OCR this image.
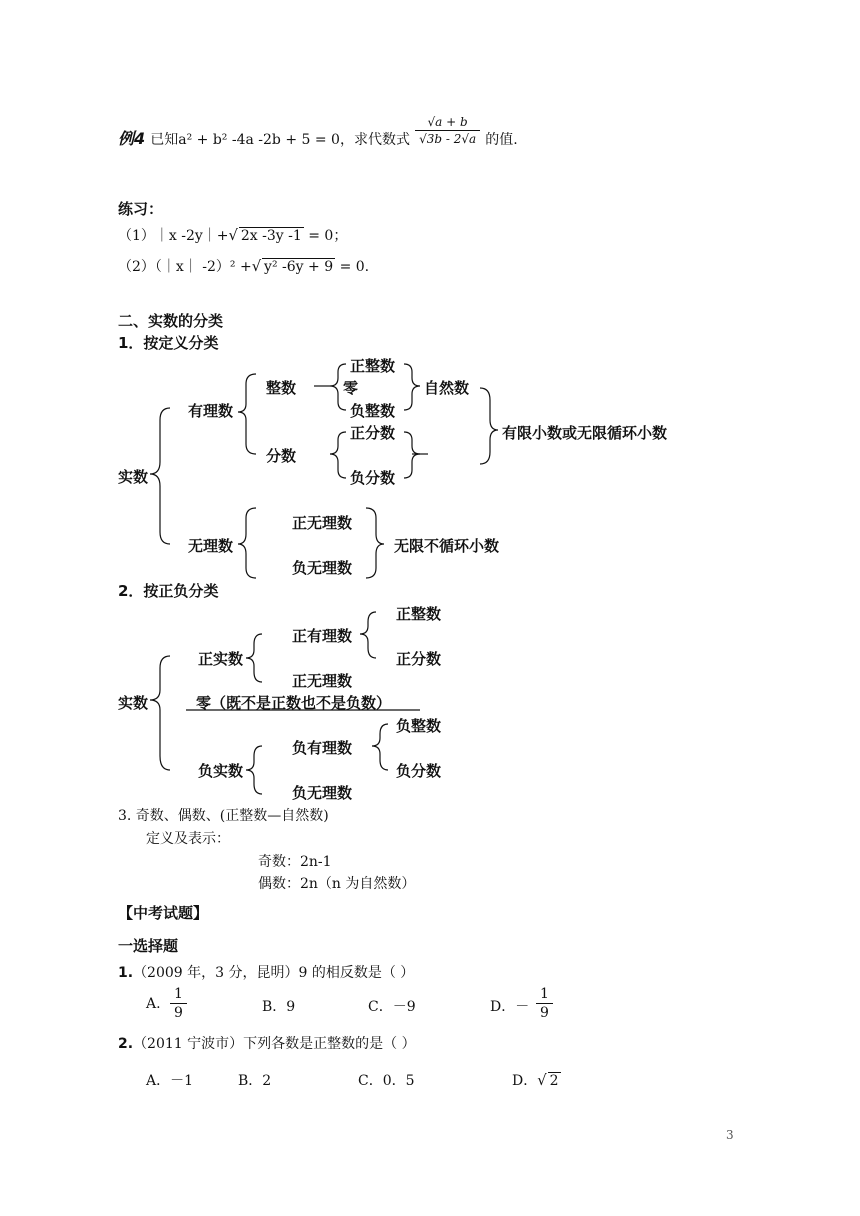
例4 已知a² + b² -4a -2b + 5 = 0，求代数式 $\frac{√a + b}{√3b - 2√a}$ 的值.
练习：
（1）｜x -2y｜+√ 2x -3y -1 = 0；
（2）（｜x｜ -2）² +√ y² -6y + 9 = 0.
二、实数的分类
1．按定义分类
实数
有理数
整数
正整数
零
负整数
自然数
分数
正分数
负分数
有限小数或无限循环小数
无理数
正无理数
负无理数
无限不循环小数
2．按正负分类
实数
正实数
正有理数
正整数
正分数
正无理数
零（既不是正数也不是负数）
负实数
负有理数
负整数
负分数
负无理数
3. 奇数、偶数、(正整数—自然数)
定义及表示：
奇数：2n-1
偶数：2n（n 为自然数）
【中考试题】
一选择题
1.（2009 年，3 分，昆明）9 的相反数是（ ）
A. $\frac{1}{9}$	B．9	C．－9	D．－ $\frac{1}{9}$
2.（2011 宁波市）下列各数是正整数的是（ ）
A．－1	B．2	C．0．5	D．√ 2
3
